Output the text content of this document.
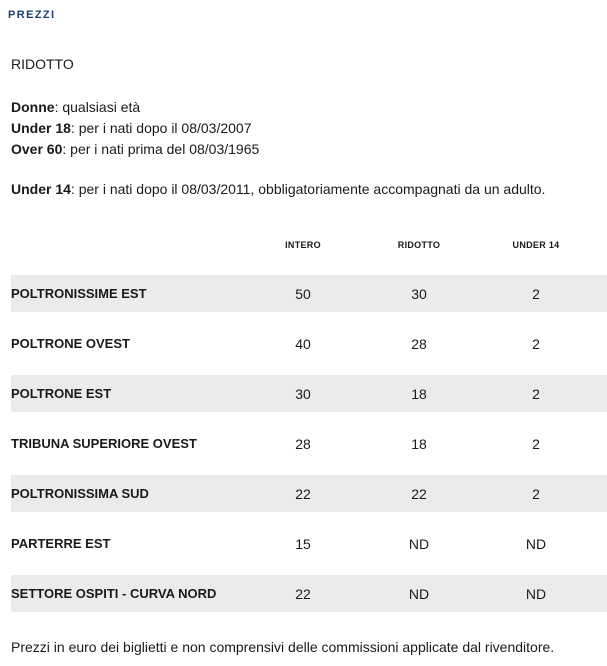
PREZZI
RIDOTTO
Donne: qualsiasi età
Under 18: per i nati dopo il 08/03/2007
Over 60: per i nati prima del 08/03/1965
Under 14: per i nati dopo il 08/03/2011, obbligatoriamente accompagnati da un adulto.
INTERO	RIDOTTO	UNDER 14
POLTRONISSIME EST	50	30	2
POLTRONE OVEST	40	28	2
POLTRONE EST	30	18	2
TRIBUNA SUPERIORE OVEST	28	18	2
POLTRONISSIMA SUD	22	22	2
PARTERRE EST	15	ND	ND
SETTORE OSPITI - CURVA NORD	22	ND	ND
Prezzi in euro dei biglietti e non comprensivi delle commissioni applicate dal rivenditore.
